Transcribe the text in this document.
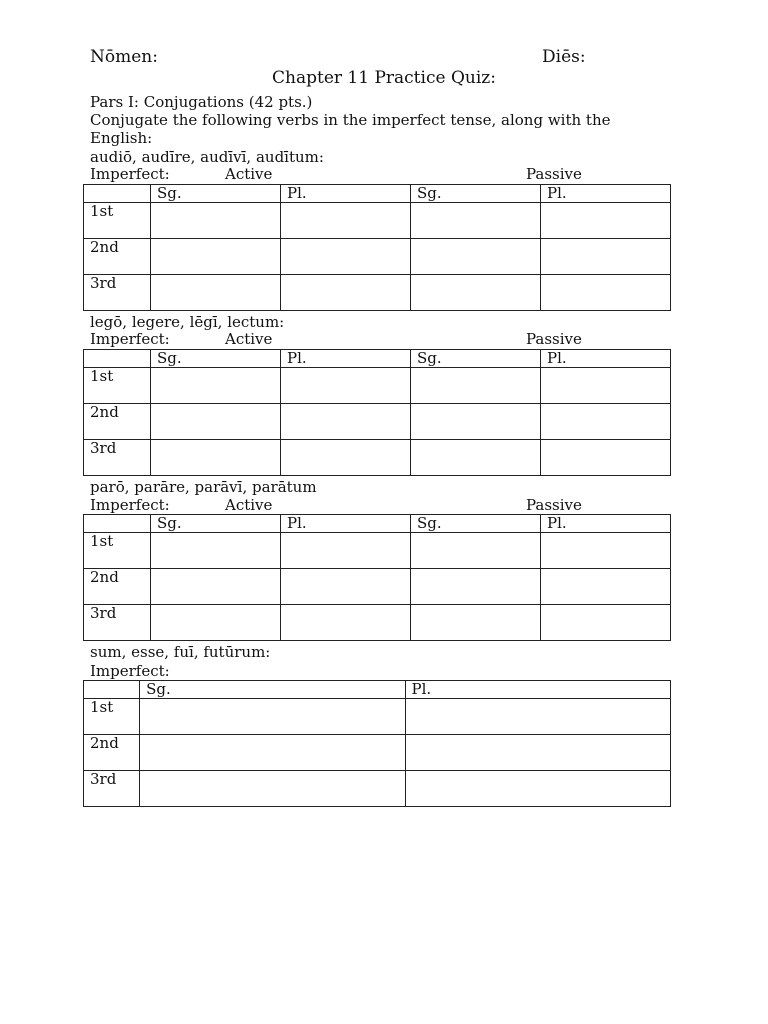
Nōmen:	Diēs:
Chapter 11 Practice Quiz:
Pars I: Conjugations (42 pts.)
Conjugate the following verbs in the imperfect tense, along with the
English:
audiō, audīre, audīvī, audītum:
Imperfect:	Active	Passive
	Sg.	Pl.	Sg.	Pl.
1st				
2nd				
3rd				
legō, legere, lēgī, lectum:
Imperfect:	Active	Passive
	Sg.	Pl.	Sg.	Pl.
1st				
2nd				
3rd				
parō, parāre, parāvī, parātum
Imperfect:	Active	Passive
	Sg.	Pl.	Sg.	Pl.
1st				
2nd				
3rd				
sum, esse, fuī, futūrum:
Imperfect:
	Sg.	Pl.
1st		
2nd		
3rd		
